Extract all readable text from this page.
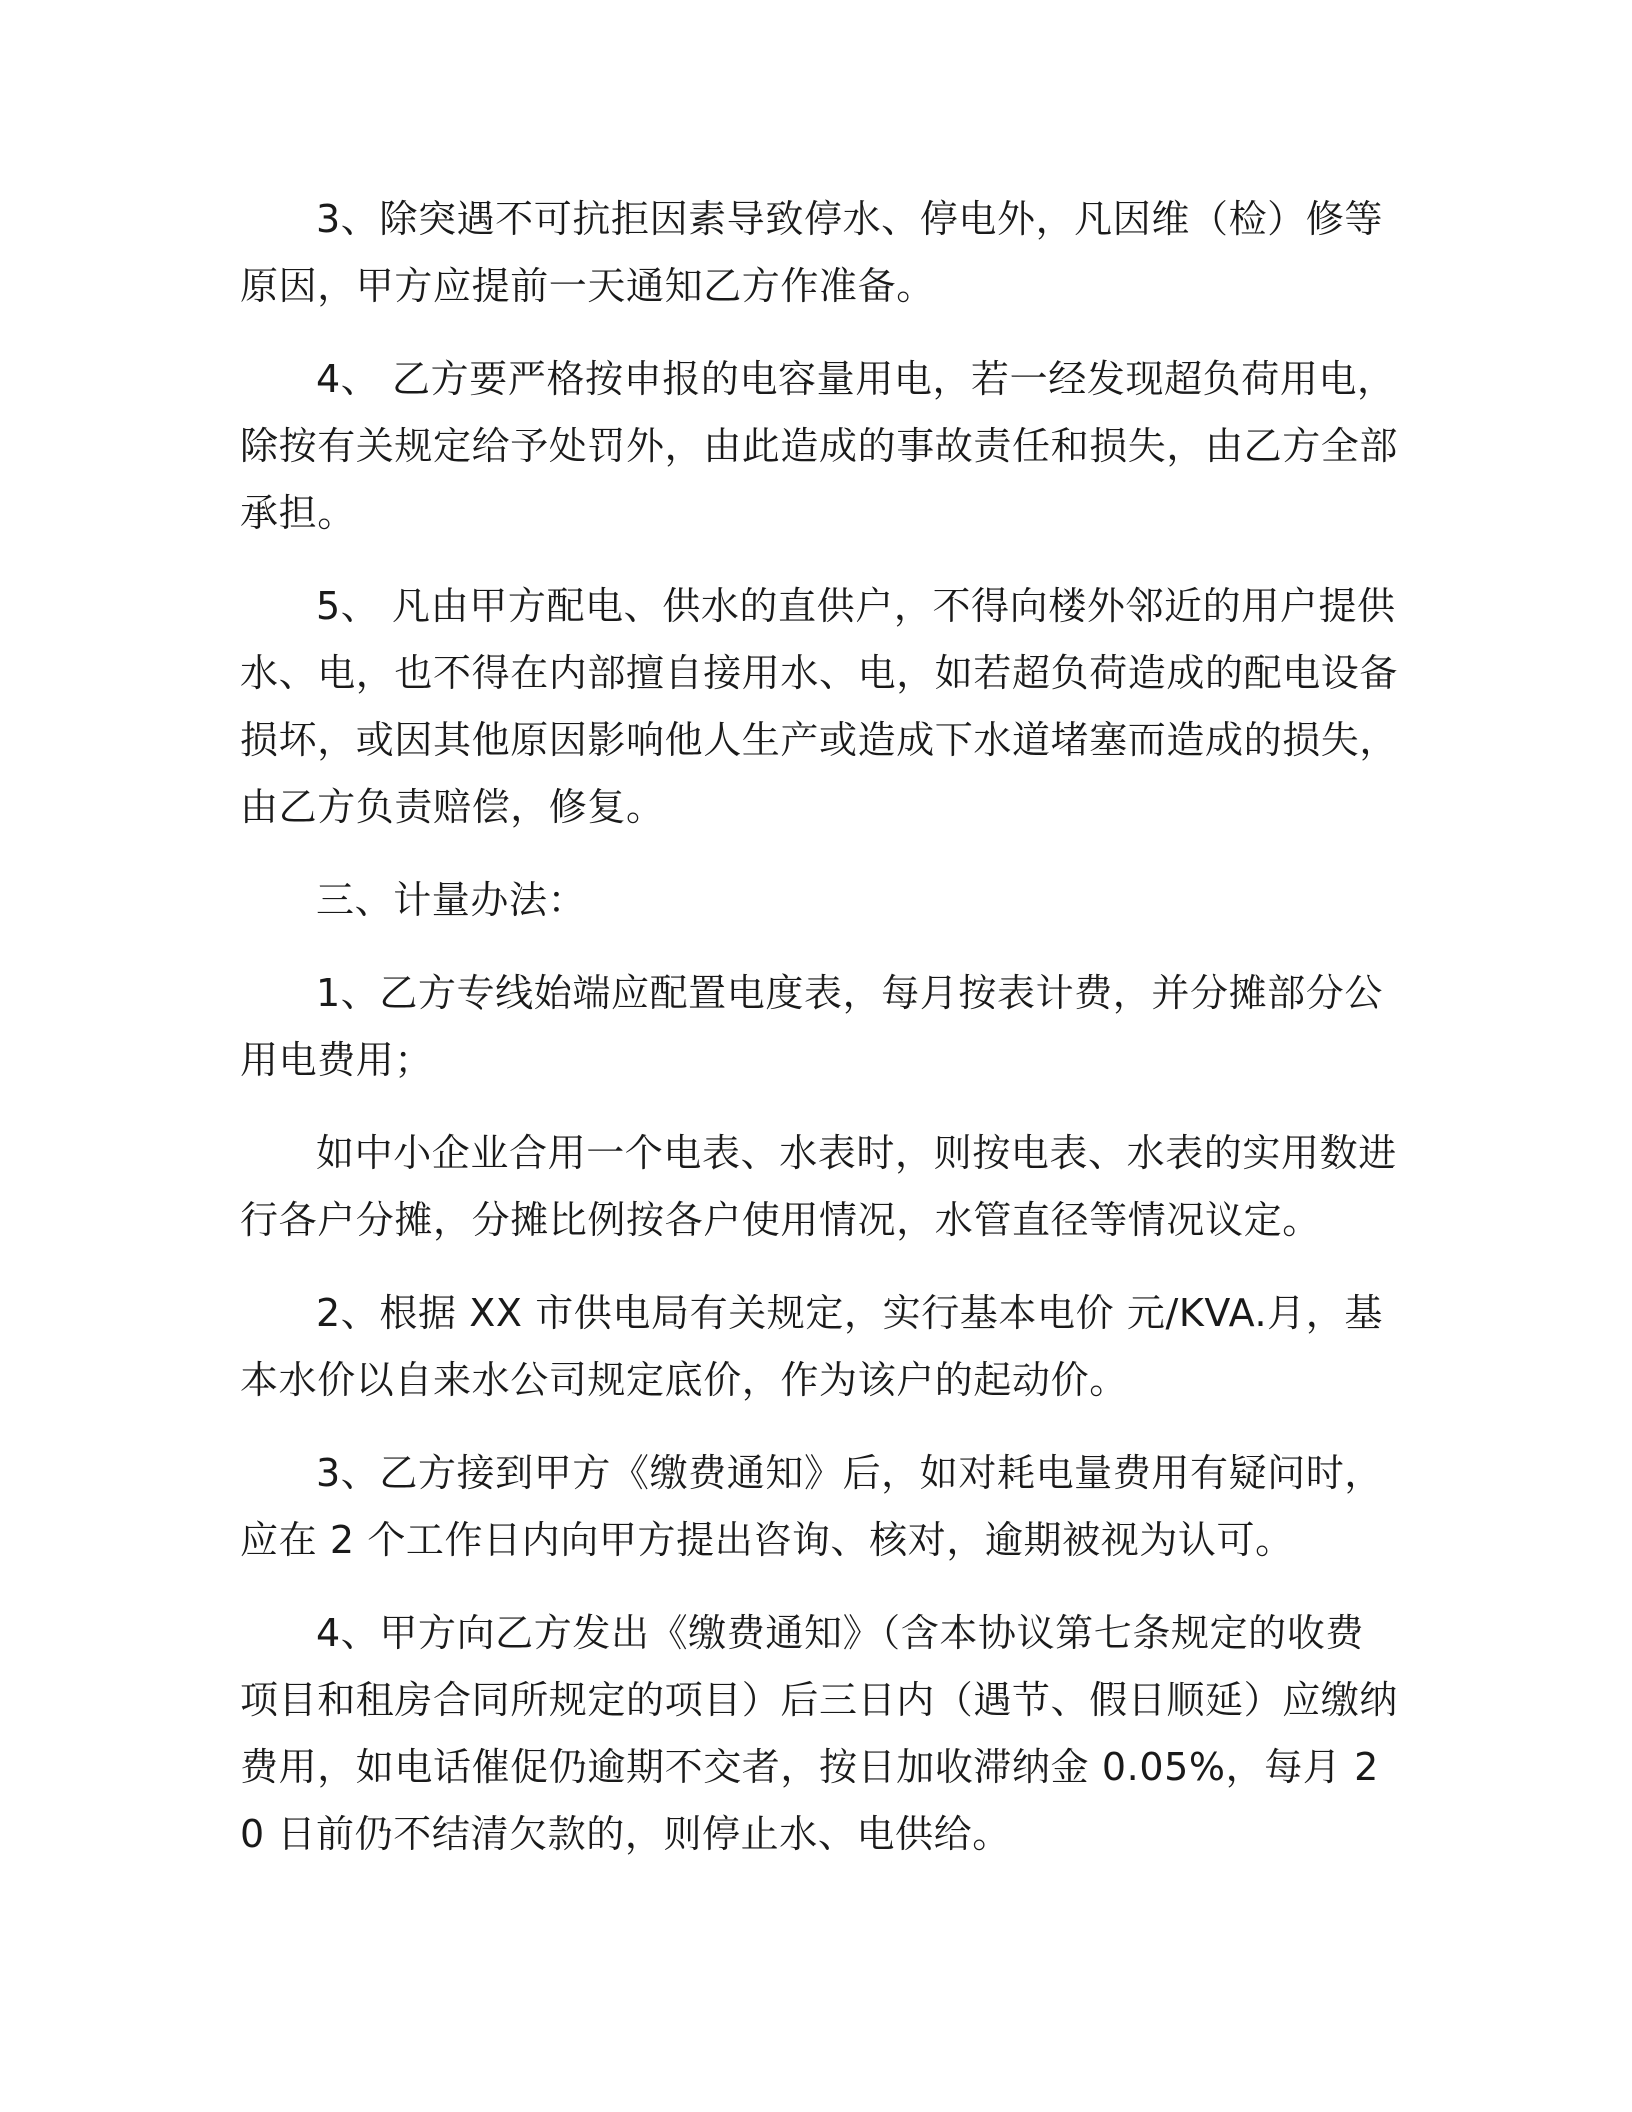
3、除突遇不可抗拒因素导致停水、停电外，凡因维（检）修等原因，甲方应提前一天通知乙方作准备。

4、 乙方要严格按申报的电容量用电，若一经发现超负荷用电，除按有关规定给予处罚外，由此造成的事故责任和损失，由乙方全部承担。

5、 凡由甲方配电、供水的直供户，不得向楼外邻近的用户提供水、电，也不得在内部擅自接用水、电，如若超负荷造成的配电设备损坏，或因其他原因影响他人生产或造成下水道堵塞而造成的损失，由乙方负责赔偿，修复。

三、计量办法：

1、乙方专线始端应配置电度表，每月按表计费，并分摊部分公用电费用；

如中小企业合用一个电表、水表时，则按电表、水表的实用数进行各户分摊，分摊比例按各户使用情况，水管直径等情况议定。

2、根据 XX 市供电局有关规定，实行基本电价 元/KVA.月，基本水价以自来水公司规定底价，作为该户的起动价。

3、乙方接到甲方《缴费通知》后，如对耗电量费用有疑问时，应在 2 个工作日内向甲方提出咨询、核对，逾期被视为认可。

4、甲方向乙方发出《缴费通知》（含本协议第七条规定的收费项目和租房合同所规定的项目）后三日内（遇节、假日顺延）应缴纳费用，如电话催促仍逾期不交者，按日加收滞纳金 0.05%，每月 20 日前仍不结清欠款的，则停止水、电供给。
